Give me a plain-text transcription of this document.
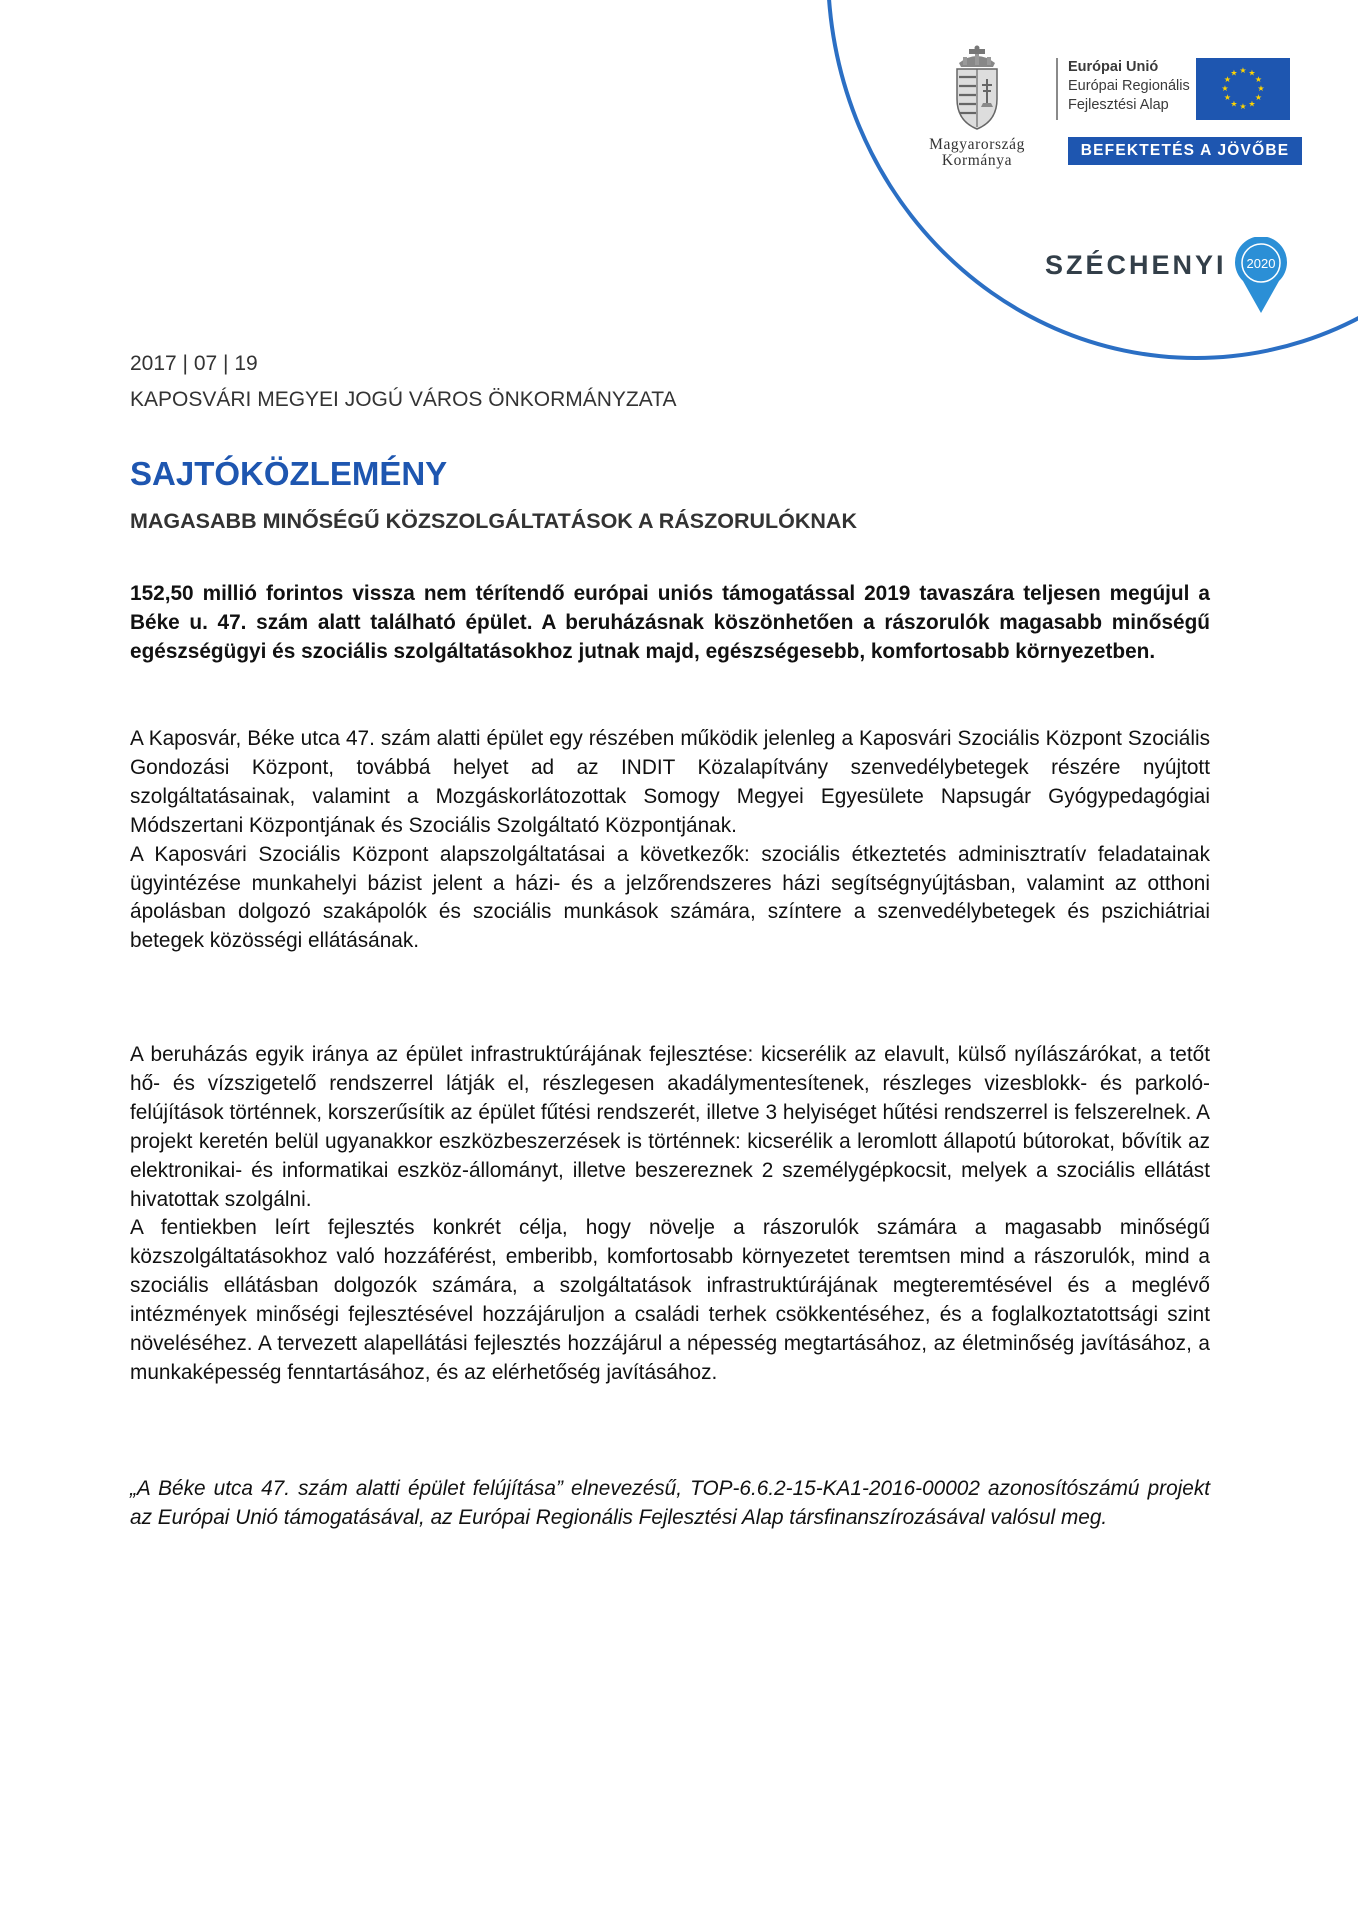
Magyarország
Kormánya
Európai Unió
Európai Regionális
Fejlesztési Alap
★ ★
★
★
★
★
★
★
★
★
★
★
BEFEKTETÉS A JÖVŐBE
SZÉCHENYI 2020
2017 | 07 | 19
KAPOSVÁRI MEGYEI JOGÚ VÁROS ÖNKORMÁNYZATA
SAJTÓKÖZLEMÉNY
MAGASABB MINŐSÉGŰ KÖZSZOLGÁLTATÁSOK A RÁSZORULÓKNAK
152,50 millió forintos vissza nem térítendő európai uniós támogatással 2019 tavaszára teljesen megújul a Béke u. 47. szám alatt található épület. A beruházásnak köszönhetően a rászorulók magasabb minőségű egészségügyi és szociális szolgáltatásokhoz jutnak majd, egészségesebb, komfortosabb környezetben.

A Kaposvár, Béke utca 47. szám alatti épület egy részében működik jelenleg a Kaposvári Szociális Központ Szociális Gondozási Központ, továbbá helyet ad az INDIT Közalapítvány szenvedélybetegek részére nyújtott szolgáltatásainak, valamint a Mozgáskorlátozottak Somogy Megyei Egyesülete Napsugár Gyógypedagógiai Módszertani Központjának és Szociális Szolgáltató Központjának.

A Kaposvári Szociális Központ alapszolgáltatásai a következők: szociális étkeztetés adminisztratív feladatainak ügyintézése munkahelyi bázist jelent a házi- és a jelzőrendszeres házi segítségnyújtásban, valamint az otthoni ápolásban dolgozó szakápolók és szociális munkások számára, színtere a szenvedélybetegek és pszichiátriai betegek közösségi ellátásának.

A beruházás egyik iránya az épület infrastruktúrájának fejlesztése: kicserélik az elavult, külső nyílászárókat, a tetőt hő- és vízszigetelő rendszerrel látják el, részlegesen akadálymentesítenek, részleges vizesblokk- és parkoló-felújítások történnek, korszerűsítik az épület fűtési rendszerét, illetve 3 helyiséget hűtési rendszerrel is felszerelnek. A projekt keretén belül ugyanakkor eszközbeszerzések is történnek: kicserélik a leromlott állapotú bútorokat, bővítik az elektronikai- és informatikai eszköz-állományt, illetve beszereznek 2 személygépkocsit, melyek a szociális ellátást hivatottak szolgálni.

A fentiekben leírt fejlesztés konkrét célja, hogy növelje a rászorulók számára a magasabb minőségű közszolgáltatásokhoz való hozzáférést, emberibb, komfortosabb környezetet teremtsen mind a rászorulók, mind a szociális ellátásban dolgozók számára, a szolgáltatások infrastruktúrájának megteremtésével és a meglévő intézmények minőségi fejlesztésével hozzájáruljon a családi terhek csökkentéséhez, és a foglalkoztatottsági szint növeléséhez. A tervezett alapellátási fejlesztés hozzájárul a népesség megtartásához, az életminőség javításához, a munkaképesség fenntartásához, és az elérhetőség javításához.

„A Béke utca 47. szám alatti épület felújítása” elnevezésű, TOP-6.6.2-15-KA1-2016-00002 azonosítószámú projekt az Európai Unió támogatásával, az Európai Regionális Fejlesztési Alap társfinanszírozásával valósul meg.
